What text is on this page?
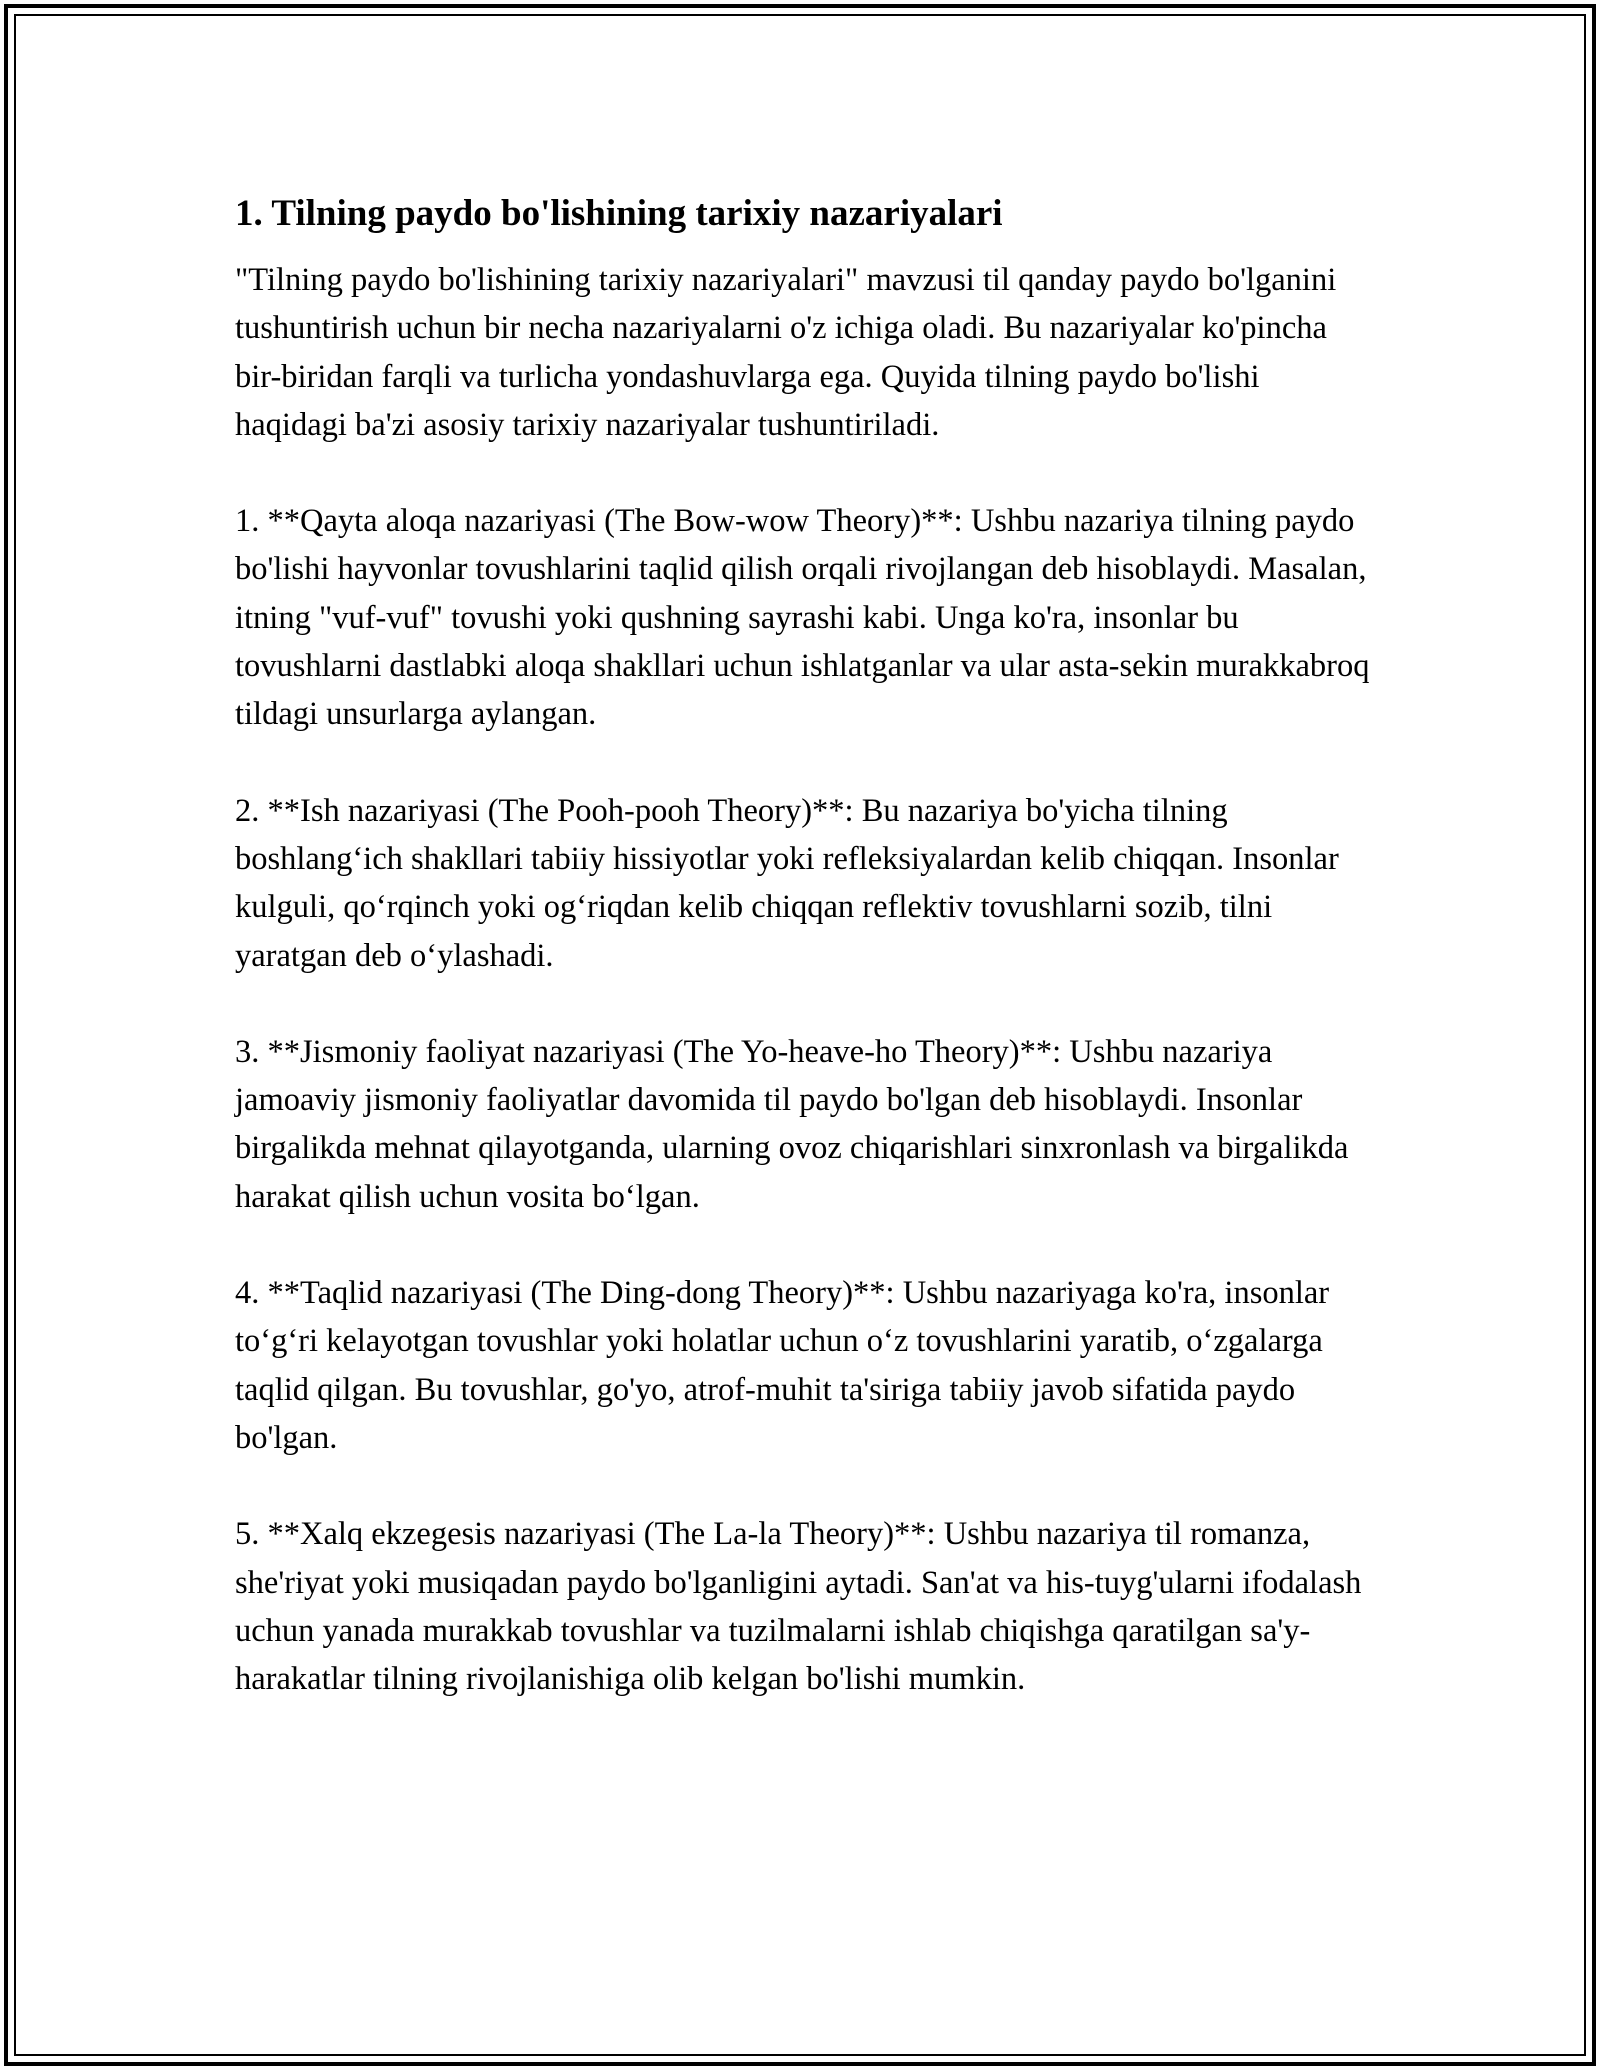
1. Tilning paydo bo'lishining tarixiy nazariyalari

"Tilning paydo bo'lishining tarixiy nazariyalari" mavzusi til qanday paydo bo'lganini tushuntirish uchun bir necha nazariyalarni o'z ichiga oladi. Bu nazariyalar ko'pincha bir-biridan farqli va turlicha yondashuvlarga ega. Quyida tilning paydo bo'lishi haqidagi ba'zi asosiy tarixiy nazariyalar tushuntiriladi.

1. **Qayta aloqa nazariyasi (The Bow-wow Theory)**: Ushbu nazariya tilning paydo bo'lishi hayvonlar tovushlarini taqlid qilish orqali rivojlangan deb hisoblaydi. Masalan, itning "vuf-vuf" tovushi yoki qushning sayrashi kabi. Unga ko'ra, insonlar bu tovushlarni dastlabki aloqa shakllari uchun ishlatganlar va ular asta-sekin murakkabroq tildagi unsurlarga aylangan.

2. **Ish nazariyasi (The Pooh-pooh Theory)**: Bu nazariya bo'yicha tilning boshlang‘ich shakllari tabiiy hissiyotlar yoki refleksiyalardan kelib chiqqan. Insonlar kulguli, qo‘rqinch yoki og‘riqdan kelib chiqqan reflektiv tovushlarni sozib, tilni yaratgan deb o‘ylashadi.

3. **Jismoniy faoliyat nazariyasi (The Yo-heave-ho Theory)**: Ushbu nazariya jamoaviy jismoniy faoliyatlar davomida til paydo bo'lgan deb hisoblaydi. Insonlar birgalikda mehnat qilayotganda, ularning ovoz chiqarishlari sinxronlash va birgalikda harakat qilish uchun vosita bo‘lgan.

4. **Taqlid nazariyasi (The Ding-dong Theory)**: Ushbu nazariyaga ko'ra, insonlar to‘g‘ri kelayotgan tovushlar yoki holatlar uchun o‘z tovushlarini yaratib, o‘zgalarga taqlid qilgan. Bu tovushlar, go'yo, atrof-muhit ta'siriga tabiiy javob sifatida paydo bo'lgan.

5. **Xalq ekzegesis nazariyasi (The La-la Theory)**: Ushbu nazariya til romanza, she'riyat yoki musiqadan paydo bo'lganligini aytadi. San'at va his-tuyg'ularni ifodalash uchun yanada murakkab tovushlar va tuzilmalarni ishlab chiqishga qaratilgan sa'y-harakatlar tilning rivojlanishiga olib kelgan bo'lishi mumkin.
